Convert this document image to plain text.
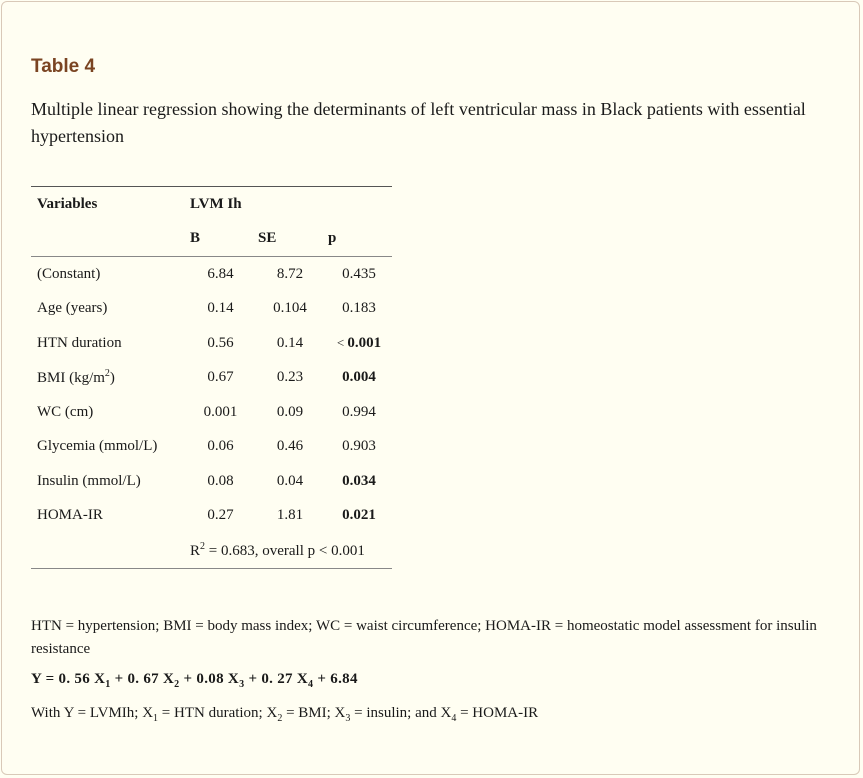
Table 4
Multiple linear regression showing the determinants of left ventricular mass in Black patients with essential hypertension
Variables	LVM Ih		
	B	SE	p
(Constant)	6.84	8.72	0.435
Age (years)	0.14	0.104	0.183
HTN duration	0.56	0.14	< 0.001
BMI $(kg/m^2)$	0.67	0.23	0.004
WC (cm)	0.001	0.09	0.994
Glycemia (mmol/L)	0.06	0.46	0.903
Insulin (mmol/L)	0.08	0.04	0.034
HOMA-IR	0.27	1.81	0.021
	$R^2 = 0.683$, overall p < 0.001		
HTN = hypertension; BMI = body mass index; WC = waist circumference; HOMA-IR = homeostatic model assessment for insulin resistance
Y = 0. 56 $X_1 + 0$. 67 $X_2 + 0.08$ $X_3 + 0$. 27 $X_4 + 6.84$
With Y = LVMIh; $X_1$ = HTN duration; $X_2$ = BMI; $X_3$ = insulin; and $X_4$ = HOMA-IR
